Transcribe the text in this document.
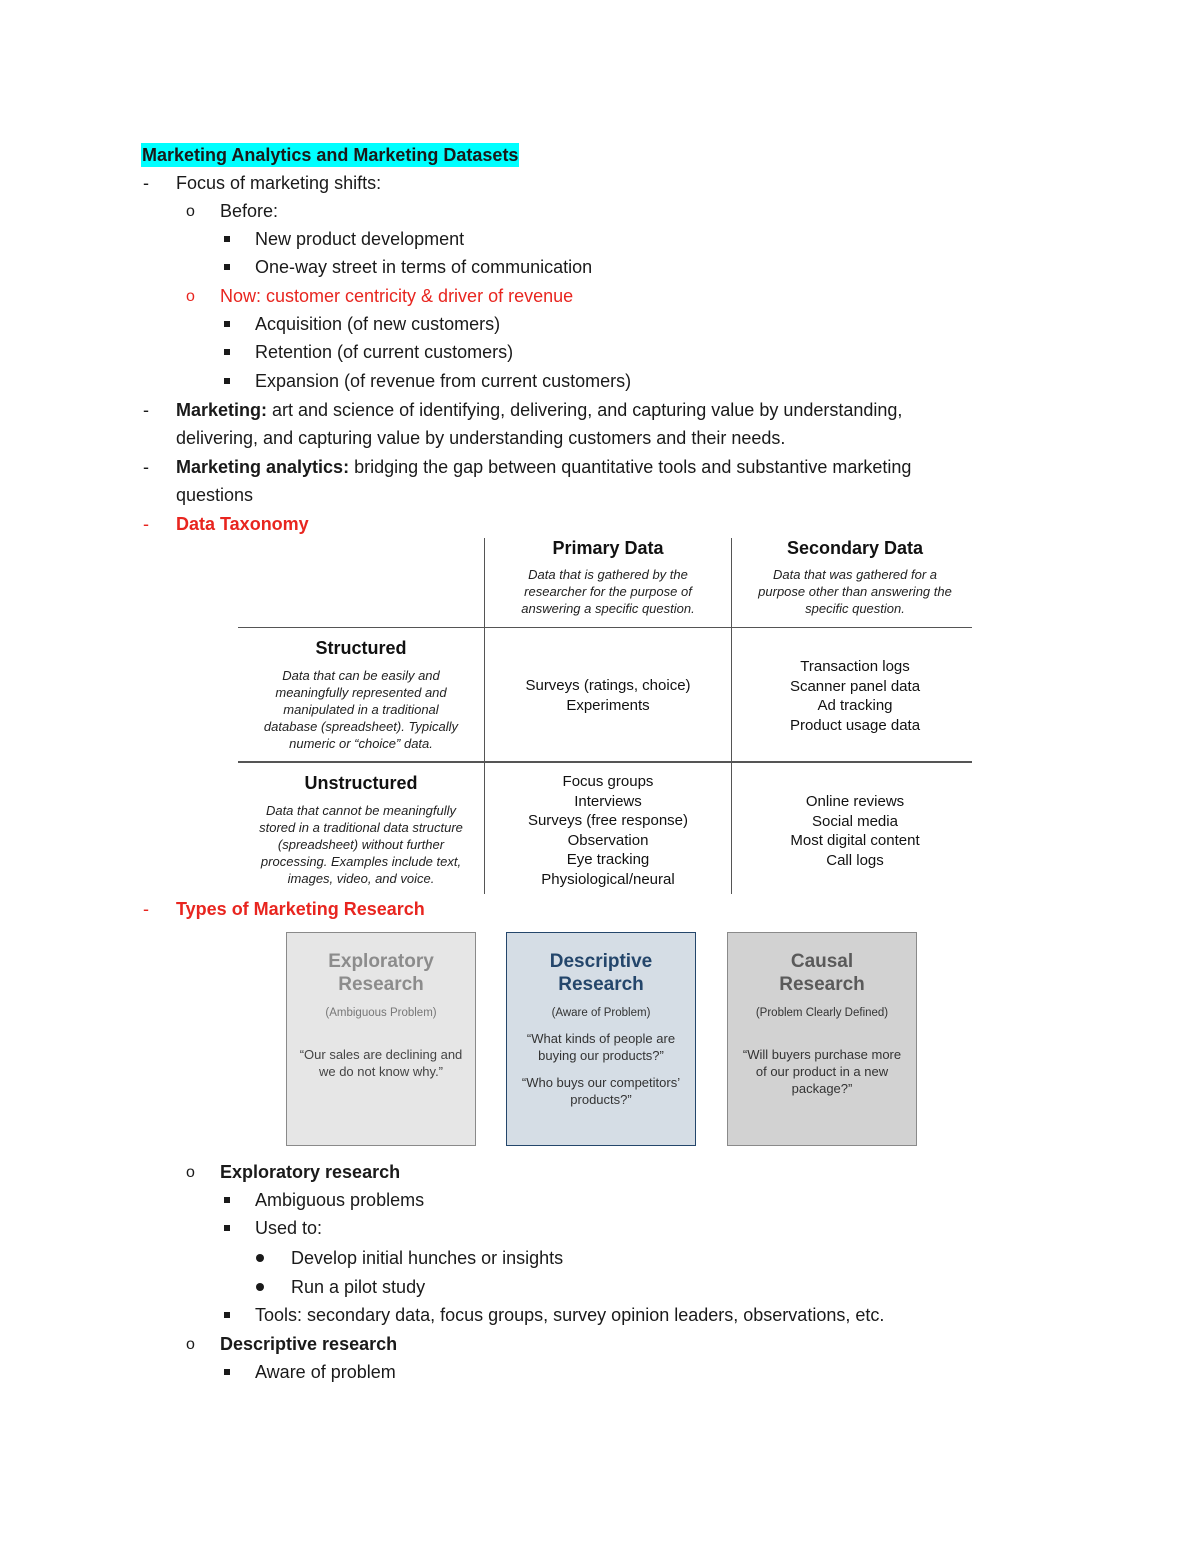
Marketing Analytics and Marketing Datasets
- Focus of marketing shifts:
o Before:
New product development
One-way street in terms of communication
o Now: customer centricity & driver of revenue
Acquisition (of new customers)
Retention (of current customers)
Expansion (of revenue from current customers)
- Marketing: art and science of identifying, delivering, and capturing value by understanding,
delivering, and capturing value by understanding customers and their needs.
- Marketing analytics: bridging the gap between quantitative tools and substantive marketing
questions
- Data Taxonomy
Primary Data
Data that is gathered by the
researcher for the purpose of
answering a specific question.
Secondary Data
Data that was gathered for a
purpose other than answering the
specific question.
Structured
Data that can be easily and
meaningfully represented and
manipulated in a traditional
database (spreadsheet). Typically
numeric or “choice” data.
Surveys (ratings, choice)
Experiments
Transaction logs
Scanner panel data
Ad tracking
Product usage data
Unstructured
Data that cannot be meaningfully
stored in a traditional data structure
(spreadsheet) without further
processing. Examples include text,
images, video, and voice.
Focus groups
Interviews
Surveys (free response)
Observation
Eye tracking
Physiological/neural
Online reviews
Social media
Most digital content
Call logs
- Types of Marketing Research
Exploratory
Research
(Ambiguous Problem)
“Our sales are declining and we do not know why.”
Descriptive
Research
(Aware of Problem)
“What kinds of people are buying our products?”
“Who buys our competitors’ products?”
Causal
Research
(Problem Clearly Defined)
“Will buyers purchase more of our product in a new package?”
o Exploratory research
Ambiguous problems
Used to:
Develop initial hunches or insights
Run a pilot study
Tools: secondary data, focus groups, survey opinion leaders, observations, etc.
o Descriptive research
Aware of problem
